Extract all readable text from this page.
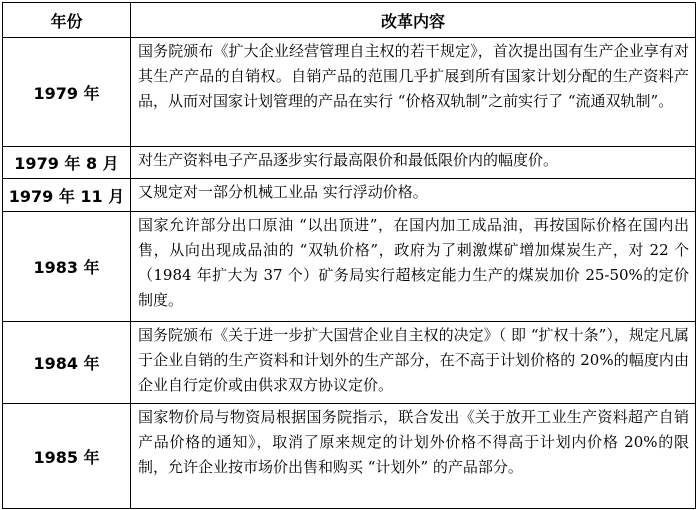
年份	改革内容
1979 年	国务院颁布《扩大企业经营管理自主权的若干规定》，首次提出国有生产企业享有对其生产产品的自销权。自销产品的范围几乎扩展到所有国家计划分配的生产资料产品，从而对国家计划管理的产品在实行 “价格双轨制”之前实行了 “流通双轨制”。
1979 年 8 月	对生产资料电子产品逐步实行最高限价和最低限价内的幅度价。
1979 年 11 月	又规定对一部分机械工业品 实行浮动价格。
1983 年	国家允许部分出口原油 “以出顶进”，在国内加工成品油，再按国际价格在国内出售，从向出现成品油的 “双轨价格”，政府为了刺激煤矿增加煤炭生产，对 22 个 （1984 年扩大为 37 个）矿务局实行超核定能力生产的煤炭加价 25-50%的定价制度。
1984 年	国务院颁布《关于进一步扩大国营企业自主权的决定》（ 即 “扩权十条”），规定凡属于企业自销的生产资料和计划外的生产部分，在不高于计划价格的 20%的幅度内由企业自行定价或由供求双方协议定价。
1985 年	国家物价局与物资局根据国务院指示，联合发出《关于放开工业生产资料超产自销产品价格的通知》，取消了原来规定的计划外价格不得高于计划内价格 20%的限制，允许企业按市场价出售和购买 “计划外” 的产品部分。
